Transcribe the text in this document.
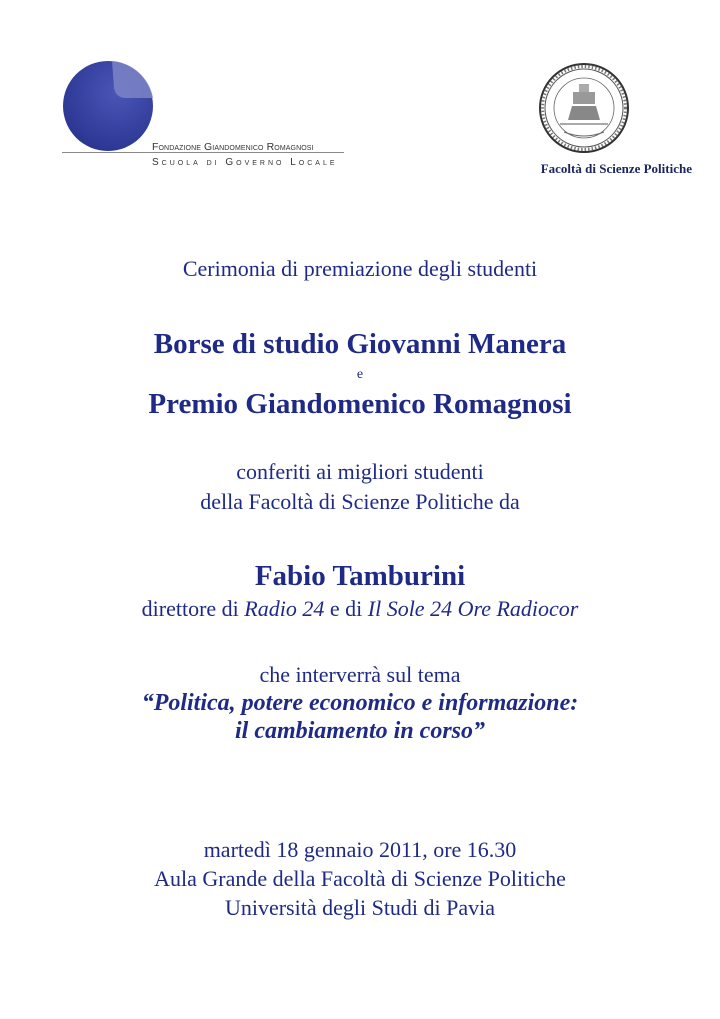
Fondazione Giandomenico Romagnosi
Scuola di Governo Locale	Facoltà di Scienze Politiche
Cerimonia di premiazione degli studenti
Borse di studio Giovanni Manera
e
Premio Giandomenico Romagnosi
conferiti ai migliori studenti
della Facoltà di Scienze Politiche da
Fabio Tamburini
direttore di Radio 24 e di Il Sole 24 Ore Radiocor
che interverrà sul tema
“Politica, potere economico e informazione:
il cambiamento in corso”
martedì 18 gennaio 2011, ore 16.30
Aula Grande della Facoltà di Scienze Politiche
Università degli Studi di Pavia
